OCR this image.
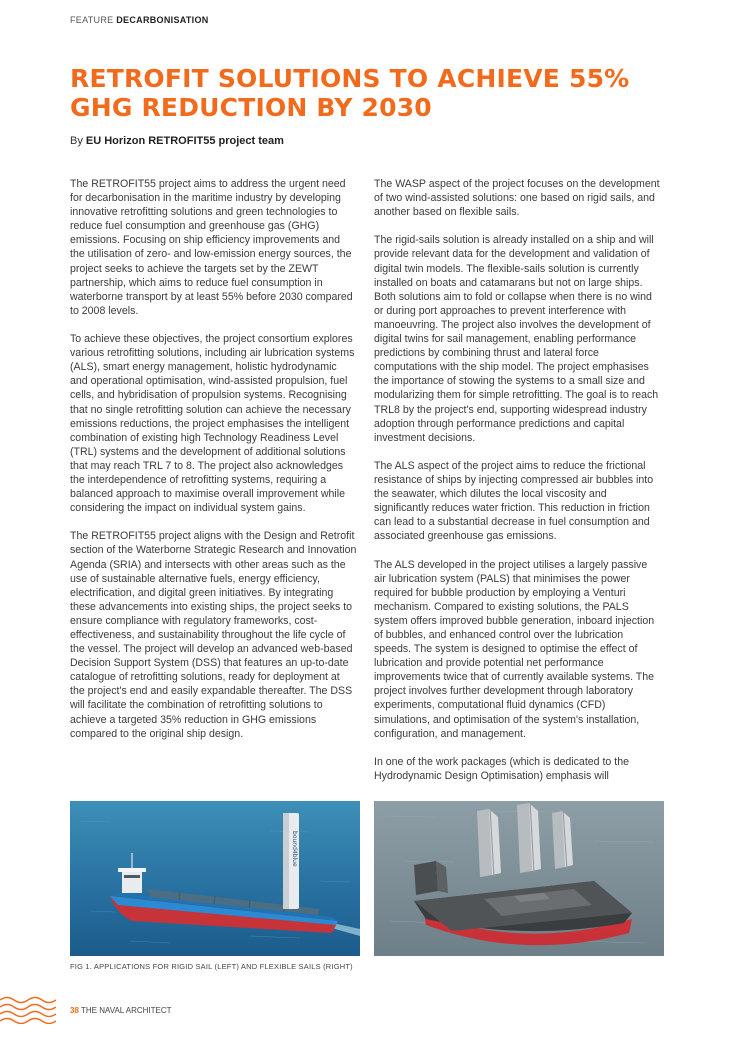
FEATURE DECARBONISATION
RETROFIT SOLUTIONS TO ACHIEVE 55% GHG REDUCTION BY 2030
By EU Horizon RETROFIT55 project team

The RETROFIT55 project aims to address the urgent need for decarbonisation in the maritime industry by developing innovative retrofitting solutions and green technologies to reduce fuel consumption and greenhouse gas (GHG) emissions. Focusing on ship efficiency improvements and the utilisation of zero- and low-emission energy sources, the project seeks to achieve the targets set by the ZEWT partnership, which aims to reduce fuel consumption in waterborne transport by at least 55% before 2030 compared to 2008 levels.

To achieve these objectives, the project consortium explores various retrofitting solutions, including air lubrication systems (ALS), smart energy management, holistic hydrodynamic and operational optimisation, wind-assisted propulsion, fuel cells, and hybridisation of propulsion systems. Recognising that no single retrofitting solution can achieve the necessary emissions reductions, the project emphasises the intelligent combination of existing high Technology Readiness Level (TRL) systems and the development of additional solutions that may reach TRL 7 to 8. The project also acknowledges the interdependence of retrofitting systems, requiring a balanced approach to maximise overall improvement while considering the impact on individual system gains.

The RETROFIT55 project aligns with the Design and Retrofit section of the Waterborne Strategic Research and Innovation Agenda (SRIA) and intersects with other areas such as the use of sustainable alternative fuels, energy efficiency, electrification, and digital green initiatives. By integrating these advancements into existing ships, the project seeks to ensure compliance with regulatory frameworks, cost-effectiveness, and sustainability throughout the life cycle of the vessel. The project will develop an advanced web-based Decision Support System (DSS) that features an up-to-date catalogue of retrofitting solutions, ready for deployment at the project's end and easily expandable thereafter. The DSS will facilitate the combination of retrofitting solutions to achieve a targeted 35% reduction in GHG emissions compared to the original ship design.

The WASP aspect of the project focuses on the development of two wind-assisted solutions: one based on rigid sails, and another based on flexible sails.

The rigid-sails solution is already installed on a ship and will provide relevant data for the development and validation of digital twin models. The flexible-sails solution is currently installed on boats and catamarans but not on large ships. Both solutions aim to fold or collapse when there is no wind or during port approaches to prevent interference with manoeuvring. The project also involves the development of digital twins for sail management, enabling performance predictions by combining thrust and lateral force computations with the ship model. The project emphasises the importance of stowing the systems to a small size and modularizing them for simple retrofitting. The goal is to reach TRL8 by the project's end, supporting widespread industry adoption through performance predictions and capital investment decisions.

The ALS aspect of the project aims to reduce the frictional resistance of ships by injecting compressed air bubbles into the seawater, which dilutes the local viscosity and significantly reduces water friction. This reduction in friction can lead to a substantial decrease in fuel consumption and associated greenhouse gas emissions.

The ALS developed in the project utilises a largely passive air lubrication system (PALS) that minimises the power required for bubble production by employing a Venturi mechanism. Compared to existing solutions, the PALS system offers improved bubble generation, inboard injection of bubbles, and enhanced control over the lubrication speeds. The system is designed to optimise the effect of lubrication and provide potential net performance improvements twice that of currently available systems. The project involves further development through laboratory experiments, computational fluid dynamics (CFD) simulations, and optimisation of the system's installation, configuration, and management.

In one of the work packages (which is dedicated to the Hydrodynamic Design Optimisation) emphasis will

bound4blue
FIG 1. APPLICATIONS FOR RIGID SAIL (LEFT) AND FLEXIBLE SAILS (RIGHT)
38 THE NAVAL ARCHITECT
